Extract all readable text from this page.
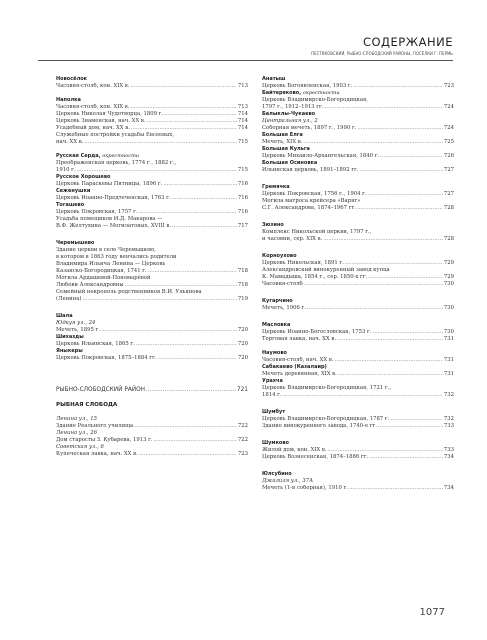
СОДЕРЖАНИЕ
ПЕСТЯКОВСКИЙ, РЫБНО-СЛОБОДСКИЙ РАЙОНЫ, ПОСЁЛКИ Г. ПЕРМЬ
Новосёлок
Часовня-столб, кон. XIX в. .....	713
Наполка
Часовня-столб, кон. XIX в. .....	713
Церковь Николая Чудотворца, 1809 г. .....	714
Церковь Знаменская, нач. XX в. .....	714
Усадебный дом, нач. XX в. .....	714
Служебные постройки усадьбы Евсеевых,
нач. XX в. .....	715
Русская Серда, окрестности
Преображенская церковь, 1774 г., 1882 г.,
1910 г. .....	715
Русское Хорошево
Церковь Параскевы Пятницы, 1896 г. .....	716
Сеженушки
Церковь Иоанно-Предтеченская, 1763 г. .....	716
Тогашево
Церковь Покровская, 1757 г. .....	716
Усадьба помещиков И.Д. Макарова —
В.Ф. Желтухина — Могилатовых, XVIII в. .....	717
Черемышево
Здание церкви в селе Черемышево,
в котором в 1863 году венчались родители
Владимира Ильича Ленина — Церковь
Казанско-Богородицкая, 1741 г. .....	718
Могила Ардашевой-Пономарёвой
Любови Александровны .....	718
Семейный некрополь родственников В.И. Ульянова
(Ленина) .....	719
Шала
Юдкуя ул., 24
Мечеть, 1895 г. .....	720
Шихазды
Церковь Ильинская, 1865 г. .....	720
Яныкеры
Церковь Покровская, 1875–1884 гг. .....	720
РЫБНО-СЛОБОДСКИЙ РАЙОН .....	721
РЫБНАЯ СЛОБОДА
Ленина ул., 15
Здание Реального училища .....	722
Ленина ул., 26
Дом старосты З. Кубарева, 1913 г. .....	722
Советская ул., 6
Купеческая лавка, нач. XX в. .....	723
Анатыш
Церковь Богоявленская, 1903 г. .....	723
Байтеряково, окрестности
Церковь Владимирско-Богородицкая,
1797 г., 1912–1913 гг. .....	724
Балыклы-Чукаево
Центральная ул., 2
Соборная мечеть, 1897 г., 1990 г. .....	724
Большая Елга
Мечеть, XIX в. .....	725
Большая Кульга
Церковь Михаило-Архангельская, 1840 г. .....	726
Большая Осиновка
Ильинская церковь, 1891–1892 гг. .....	727
Гремячка
Церковь Покровская, 1756 г., 1904 г. .....	727
Могила матроса крейсера «Варяг»
С.Г. Александрова, 1874–1967 гг. .....	728
Зюзино
Комплекс Никольской церкви, 1797 г.,
и часовни, сер. XIX в. .....	728
Корноухово
Церковь Никольская, 1891 г. .....	729
Александровский винокуренный завод купца
К. Мамадыша, 1854 г., сер. 1850-х гг. .....	729
Часовня-столб .....	730
Кугарчино
Мечеть, 1906 г. .....	730
Масловка
Церковь Иоанно-Богословская, 1753 г. .....	730
Торговая лавка, нач. XX в. .....	731
Наумово
Часовня-столб, нач. XX в. .....	731
Сабакаево (Казалаир)
Мечеть деревянная, XIX в. .....	731
Урахча
Церковь Владимирско-Богородицкая, 1721 г.,
1814 г. .....	732
Шумбут
Церковь Владимирско-Богородицкая, 1787 г. .....	732
Здание винокуренного завода, 1740-е гг. .....	733
Шумково
Жилой дом, кон. XIX в. .....	733
Церковь Вознесенская, 1874–1886 гг. .....	734
Юлсубино
Джалиля ул., 37А
Мечеть (1-я соборная), 1910 г. .....	734
1077
